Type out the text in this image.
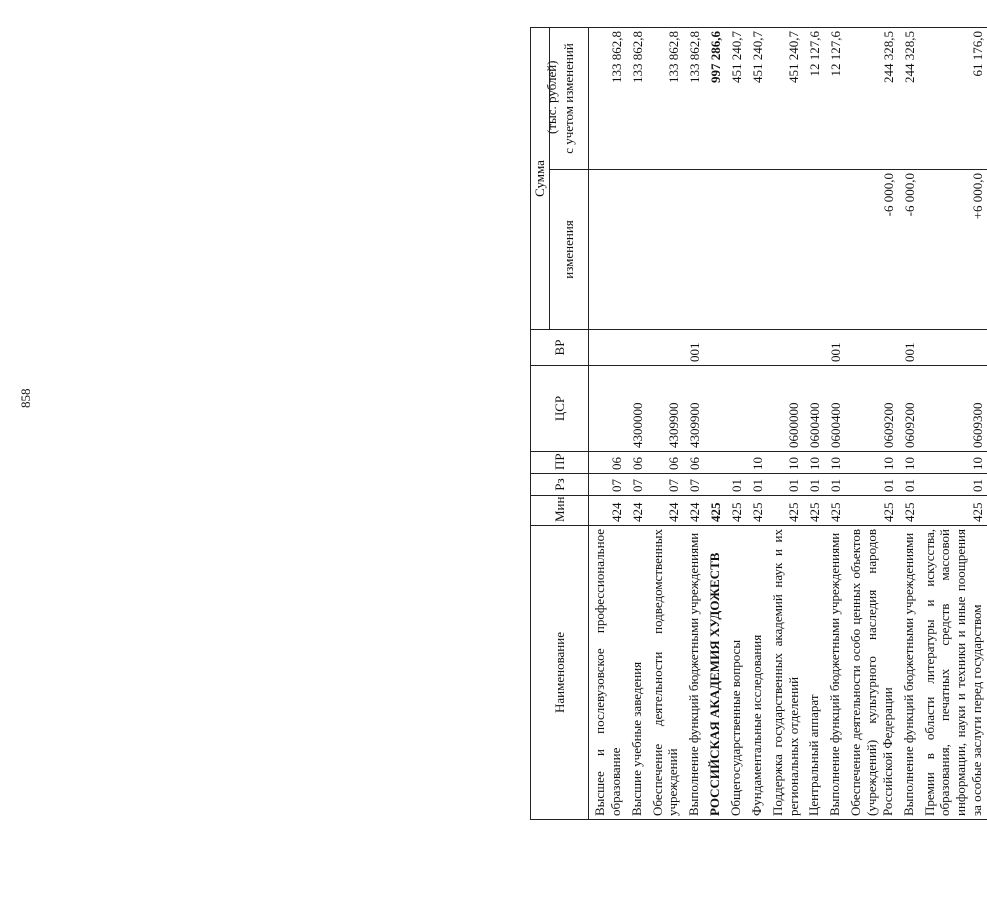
858
(тыс. рублей)
Наименование	Мин	Рз	ПР	ЦСР	ВР	Сумма	
						изменения	с учетом изменений
Высшее и послевузовское профессиональное образование	424	07	06				133 862,8
Высшие учебные заведения	424	07	06	4300000			133 862,8
Обеспечение деятельности подведомственных учреждений	424	07	06	4309900			133 862,8
Выполнение функций бюджетными учреждениями	424	07	06	4309900	001		133 862,8
РОССИЙСКАЯ АКАДЕМИЯ ХУДОЖЕСТВ	425						997 286,6
Общегосударственные вопросы	425	01					451 240,7
Фундаментальные исследования	425	01	10				451 240,7
Поддержка государственных академий наук и их региональных отделений	425	01	10	0600000			451 240,7
Центральный аппарат	425	01	10	0600400			12 127,6
Выполнение функций бюджетными учреждениями	425	01	10	0600400	001		12 127,6
Обеспечение деятельности особо ценных объектов (учреждений) культурного наследия народов Российской Федерации	425	01	10	0609200		-6 000,0	244 328,5
Выполнение функций бюджетными учреждениями	425	01	10	0609200	001	-6 000,0	244 328,5
Премии в области литературы и искусства, образования, печатных средств массовой информации, науки и техники и иные поощрения за особые заслуги перед государством	425	01	10	0609300		+6 000,0	61 176,0
